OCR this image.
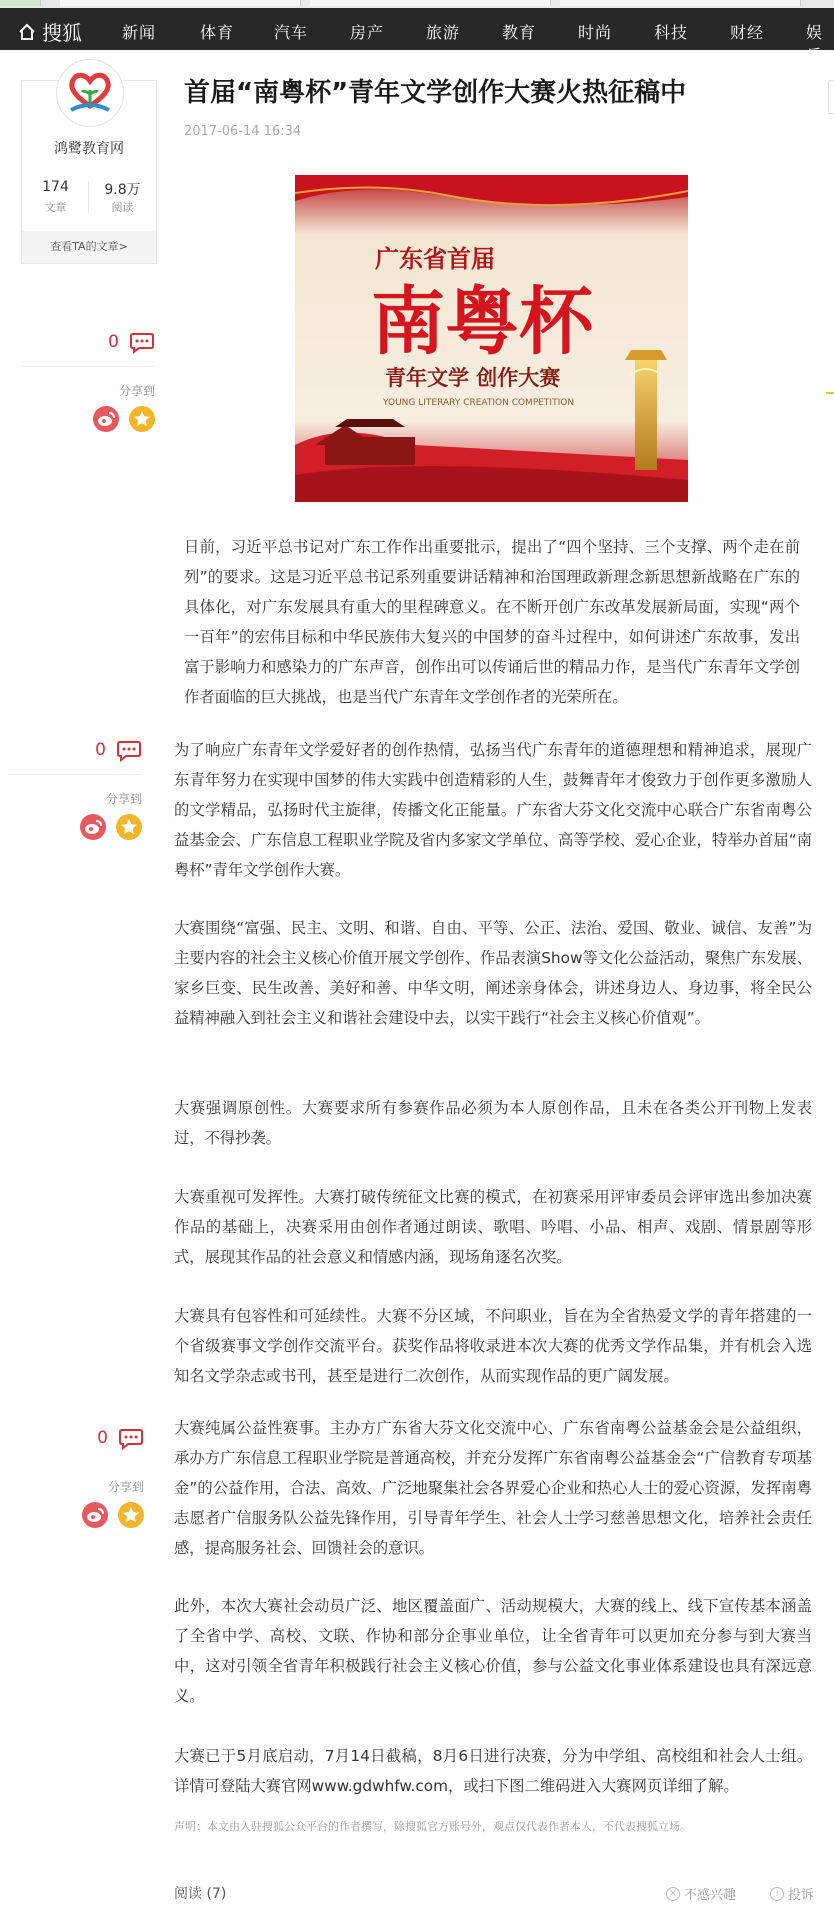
搜狐	新闻	体育 汽车	房产	旅游	教育	时尚	科技	财经	娱乐
鸿鹭教育网
174
文章
9.8万
阅读
查看TA的文章>
0
分享到
0
分享到
0
分享到
首届“南粤杯”青年文学创作大赛火热征稿中
2017-06-14 16:34
广东省首届
南粤杯
青年文学 创作大赛
YOUNG LITERARY CREATION COMPETITION

日前，习近平总书记对广东工作作出重要批示，提出了“四个坚持、三个支撑、两个走在前列”的要求。这是习近平总书记系列重要讲话精神和治国理政新理念新思想新战略在广东的具体化，对广东发展具有重大的里程碑意义。在不断开创广东改革发展新局面，实现“两个一百年”的宏伟目标和中华民族伟大复兴的中国梦的奋斗过程中，如何讲述广东故事，发出富于影响力和感染力的广东声音，创作出可以传诵后世的精品力作，是当代广东青年文学创作者面临的巨大挑战，也是当代广东青年文学创作者的光荣所在。

为了响应广东青年文学爱好者的创作热情，弘扬当代广东青年的道德理想和精神追求，展现广东青年努力在实现中国梦的伟大实践中创造精彩的人生，鼓舞青年才俊致力于创作更多激励人的文学精品，弘扬时代主旋律，传播文化正能量。广东省大芬文化交流中心联合广东省南粤公益基金会、广东信息工程职业学院及省内多家文学单位、高等学校、爱心企业，特举办首届“南粤杯”青年文学创作大赛。

大赛围绕“富强、民主、文明、和谐、自由、平等、公正、法治、爱国、敬业、诚信、友善”为主要内容的社会主义核心价值开展文学创作、作品表演Show等文化公益活动，聚焦广东发展、家乡巨变、民生改善、美好和善、中华文明，阐述亲身体会，讲述身边人、身边事，将全民公益精神融入到社会主义和谐社会建设中去，以实干践行“社会主义核心价值观”。

大赛强调原创性。大赛要求所有参赛作品必须为本人原创作品，且未在各类公开刊物上发表过，不得抄袭。

大赛重视可发挥性。大赛打破传统征文比赛的模式，在初赛采用评审委员会评审选出参加决赛作品的基础上，决赛采用由创作者通过朗读、歌唱、吟唱、小品、相声、戏剧、情景剧等形式，展现其作品的社会意义和情感内涵，现场角逐名次奖。

大赛具有包容性和可延续性。大赛不分区域，不问职业，旨在为全省热爱文学的青年搭建的一个省级赛事文学创作交流平台。获奖作品将收录进本次大赛的优秀文学作品集，并有机会入选知名文学杂志或书刊，甚至是进行二次创作，从而实现作品的更广阔发展。

大赛纯属公益性赛事。主办方广东省大芬文化交流中心、广东省南粤公益基金会是公益组织，承办方广东信息工程职业学院是普通高校，并充分发挥广东省南粤公益基金会“广信教育专项基金”的公益作用，合法、高效、广泛地聚集社会各界爱心企业和热心人士的爱心资源，发挥南粤志愿者广信服务队公益先锋作用，引导青年学生、社会人士学习慈善思想文化，培养社会责任感，提高服务社会、回馈社会的意识。

此外，本次大赛社会动员广泛、地区覆盖面广、活动规模大，大赛的线上、线下宣传基本涵盖了全省中学、高校、文联、作协和部分企事业单位，让全省青年可以更加充分参与到大赛当中，这对引领全省青年积极践行社会主义核心价值，参与公益文化事业体系建设也具有深远意义。

大赛已于5月底启动，7月14日截稿，8月6日进行决赛，分为中学组、高校组和社会人士组。详情可登陆大赛官网www.gdwhfw.com，或扫下图二维码进入大赛网页详细了解。

声明：本文由入驻搜狐公众平台的作者撰写，除搜狐官方账号外，观点仅代表作者本人，不代表搜狐立场。
阅读 (7)	✕ 不感兴趣	! 投诉
